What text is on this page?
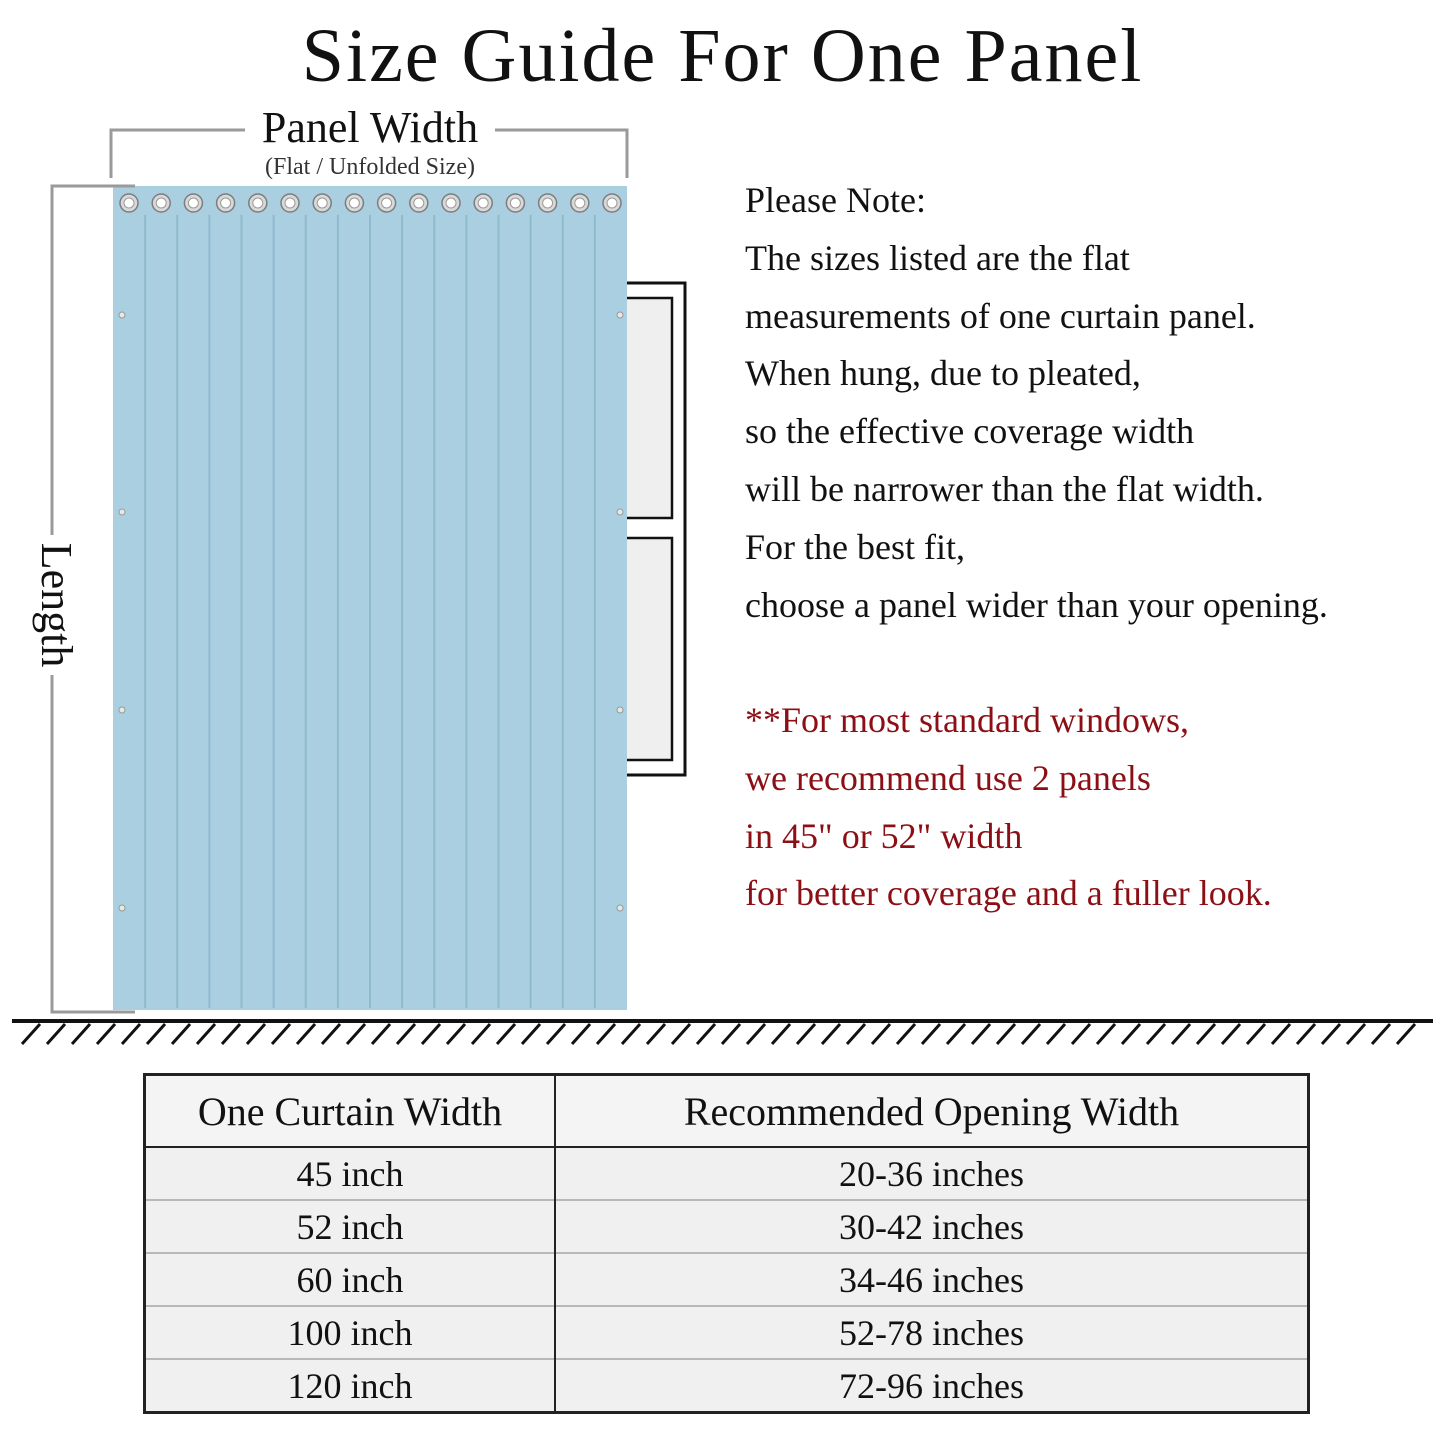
Size Guide For One Panel
Panel Width
(Flat / Unfolded Size)
Length
Please Note:
The sizes listed are the flat
measurements of one curtain panel.
When hung, due to pleated,
so the effective coverage width
will be narrower than the flat width.
For the best fit,
choose a panel wider than your opening.
**For most standard windows,
we recommend use 2 panels
in 45" or 52" width
for better coverage and a fuller look.
One Curtain Width	Recommended Opening Width
45 inch	20-36 inches
52 inch	30-42 inches
60 inch	34-46 inches
100 inch	52-78 inches
120 inch	72-96 inches
